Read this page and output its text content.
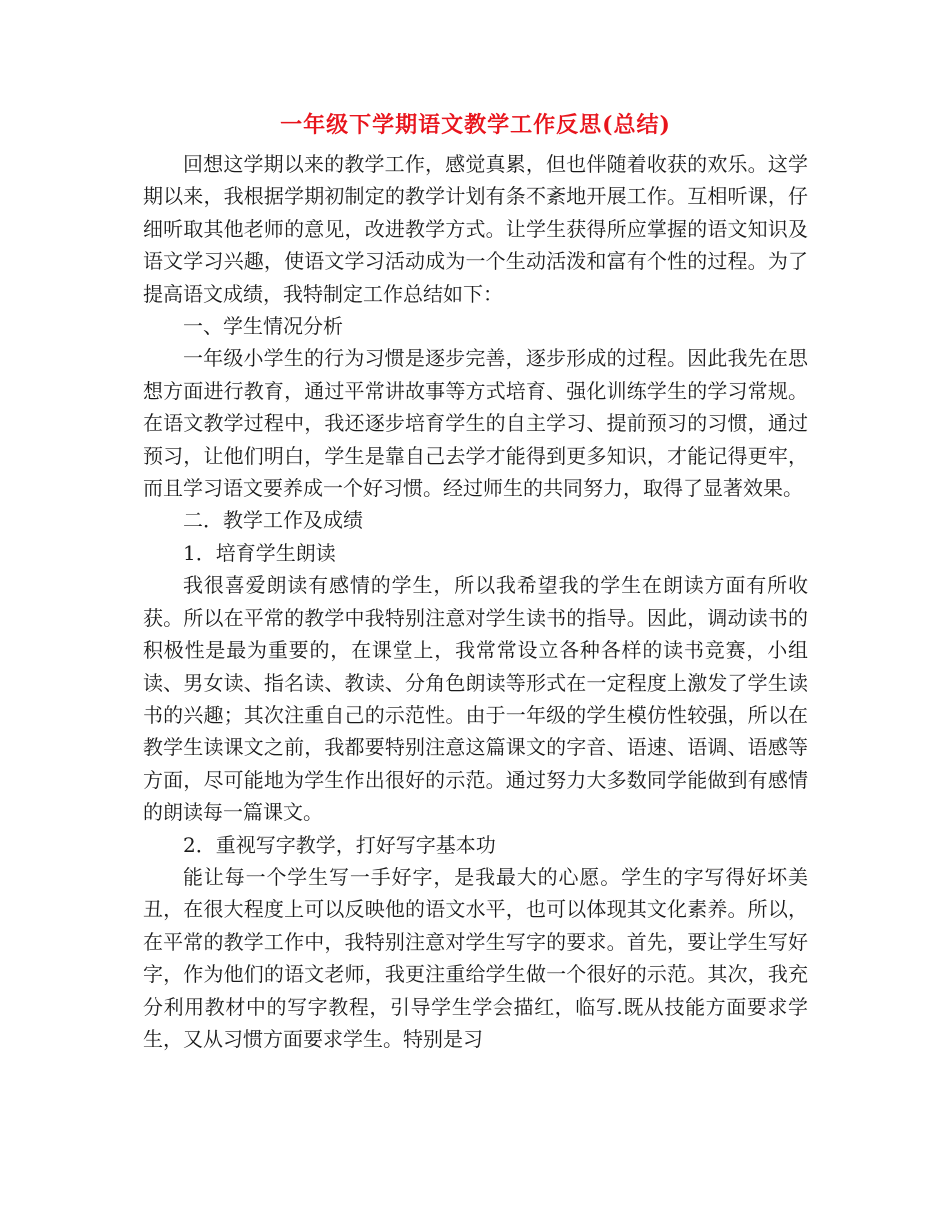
一年级下学期语文教学工作反思(总结)

回想这学期以来的教学工作，感觉真累，但也伴随着收获的欢乐。这学期以来，我根据学期初制定的教学计划有条不紊地开展工作。互相听课，仔细听取其他老师的意见，改进教学方式。让学生获得所应掌握的语文知识及语文学习兴趣，使语文学习活动成为一个生动活泼和富有个性的过程。为了提高语文成绩，我特制定工作总结如下：

一、学生情况分析

一年级小学生的行为习惯是逐步完善，逐步形成的过程。因此我先在思想方面进行教育，通过平常讲故事等方式培育、强化训练学生的学习常规。在语文教学过程中，我还逐步培育学生的自主学习、提前预习的习惯，通过预习，让他们明白，学生是靠自己去学才能得到更多知识，才能记得更牢，而且学习语文要养成一个好习惯。经过师生的共同努力，取得了显著效果。

二．教学工作及成绩

1．培育学生朗读

我很喜爱朗读有感情的学生，所以我希望我的学生在朗读方面有所收获。所以在平常的教学中我特别注意对学生读书的指导。因此，调动读书的积极性是最为重要的，在课堂上，我常常设立各种各样的读书竞赛，小组读、男女读、指名读、教读、分角色朗读等形式在一定程度上激发了学生读书的兴趣；其次注重自己的示范性。由于一年级的学生模仿性较强，所以在教学生读课文之前，我都要特别注意这篇课文的字音、语速、语调、语感等方面，尽可能地为学生作出很好的示范。通过努力大多数同学能做到有感情的朗读每一篇课文。

2．重视写字教学，打好写字基本功

能让每一个学生写一手好字，是我最大的心愿。学生的字写得好坏美丑，在很大程度上可以反映他的语文水平，也可以体现其文化素养。所以，在平常的教学工作中，我特别注意对学生写字的要求。首先，要让学生写好字，作为他们的语文老师，我更注重给学生做一个很好的示范。其次，我充分利用教材中的写字教程，引导学生学会描红，临写.既从技能方面要求学生，又从习惯方面要求学生。特别是习
